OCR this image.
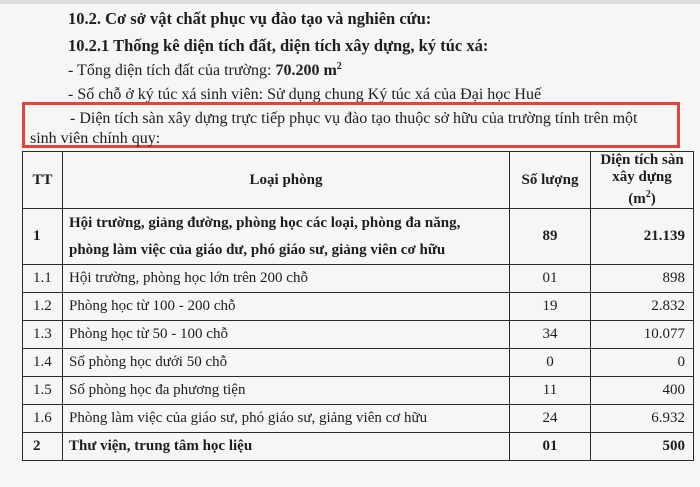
10.2. Cơ sở vật chất phục vụ đào tạo và nghiên cứu:
10.2.1 Thống kê diện tích đất, diện tích xây dựng, ký túc xá:
- Tổng diện tích đất của trường: 70.200 $m^2$
- Số chỗ ở ký túc xá sinh viên: Sử dụng chung Ký túc xá của Đại học Huế
- Diện tích sàn xây dựng trực tiếp phục vụ đào tạo thuộc sở hữu của trường tính trên một
sinh viên chính quy:
TT	Loại phòng	Số lượng	Diện tích sàn xây dựng
$(m^2)$
1	Hội trường, giảng đường, phòng học các loại, phòng đa năng, phòng làm việc của giáo dư, phó giáo sư, giảng viên cơ hữu	89	21.139
1.1	Hội trường, phòng học lớn trên 200 chỗ	01	898
1.2	Phòng học từ 100 - 200 chỗ	19	2.832
1.3	Phòng học từ 50 - 100 chỗ	34	10.077
1.4	Số phòng học dưới 50 chỗ	0	0
1.5	Số phòng học đa phương tiện	11	400
1.6	Phòng làm việc của giáo sư, phó giáo sư, giảng viên cơ hữu	24	6.932
2	Thư viện, trung tâm học liệu	01	500
